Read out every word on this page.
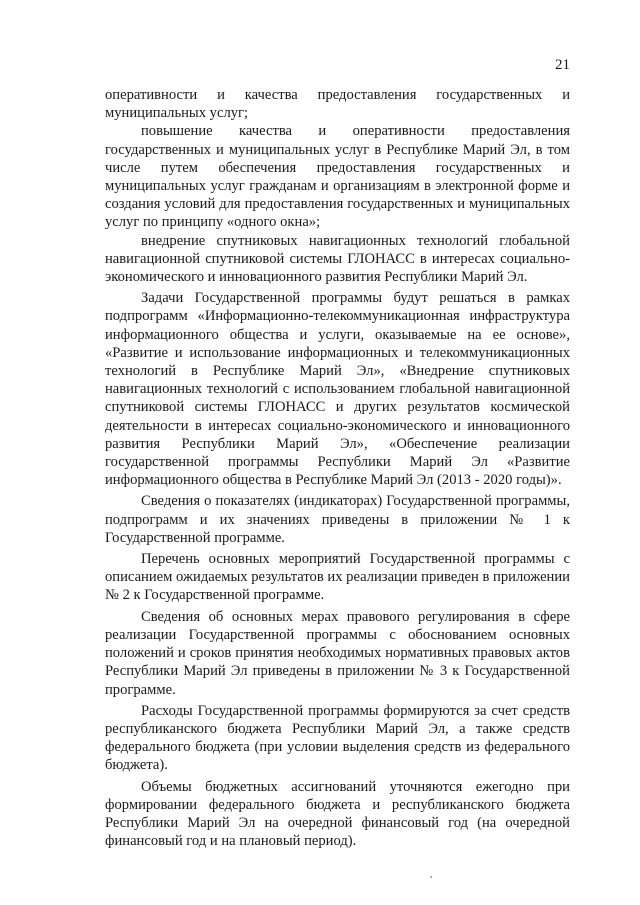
21

оперативности и качества предоставления государственных и муниципальных услуг;

повышение качества и оперативности предоставления государственных и муниципальных услуг в Республике Марий Эл, в том числе путем обеспечения предоставления государственных и муниципальных услуг гражданам и организациям в электронной форме и создания условий для предоставления государственных и муниципальных услуг по принципу «одного окна»;

внедрение спутниковых навигационных технологий глобальной навигационной спутниковой системы ГЛОНАСС в интересах социально-экономического и инновационного развития Республики Марий Эл.

Задачи Государственной программы будут решаться в рамках подпрограмм «Информационно-телекоммуникационная инфраструктура информационного общества и услуги, оказываемые на ее основе», «Развитие и использование информационных и телекоммуникационных технологий в Республике Марий Эл», «Внедрение спутниковых навигационных технологий с использованием глобальной навигационной спутниковой системы ГЛОНАСС и других результатов космической деятельности в интересах социально-экономического и инновационного развития Республики Марий Эл», «Обеспечение реализации государственной программы Республики Марий Эл «Развитие информационного общества в Республике Марий Эл (2013 - 2020 годы)».

Сведения о показателях (индикаторах) Государственной программы, подпрограмм и их значениях приведены в приложении № 1 к Государственной программе.

Перечень основных мероприятий Государственной программы с описанием ожидаемых результатов их реализации приведен в приложении № 2 к Государственной программе.

Сведения об основных мерах правового регулирования в сфере реализации Государственной программы с обоснованием основных положений и сроков принятия необходимых нормативных правовых актов Республики Марий Эл приведены в приложении № 3 к Государственной программе.

Расходы Государственной программы формируются за счет средств республиканского бюджета Республики Марий Эл, а также средств федерального бюджета (при условии выделения средств из федерального бюджета).

Объемы бюджетных ассигнований уточняются ежегодно при формировании федерального бюджета и республиканского бюджета Республики Марий Эл на очередной финансовый год (на очередной финансовый год и на плановый период).
